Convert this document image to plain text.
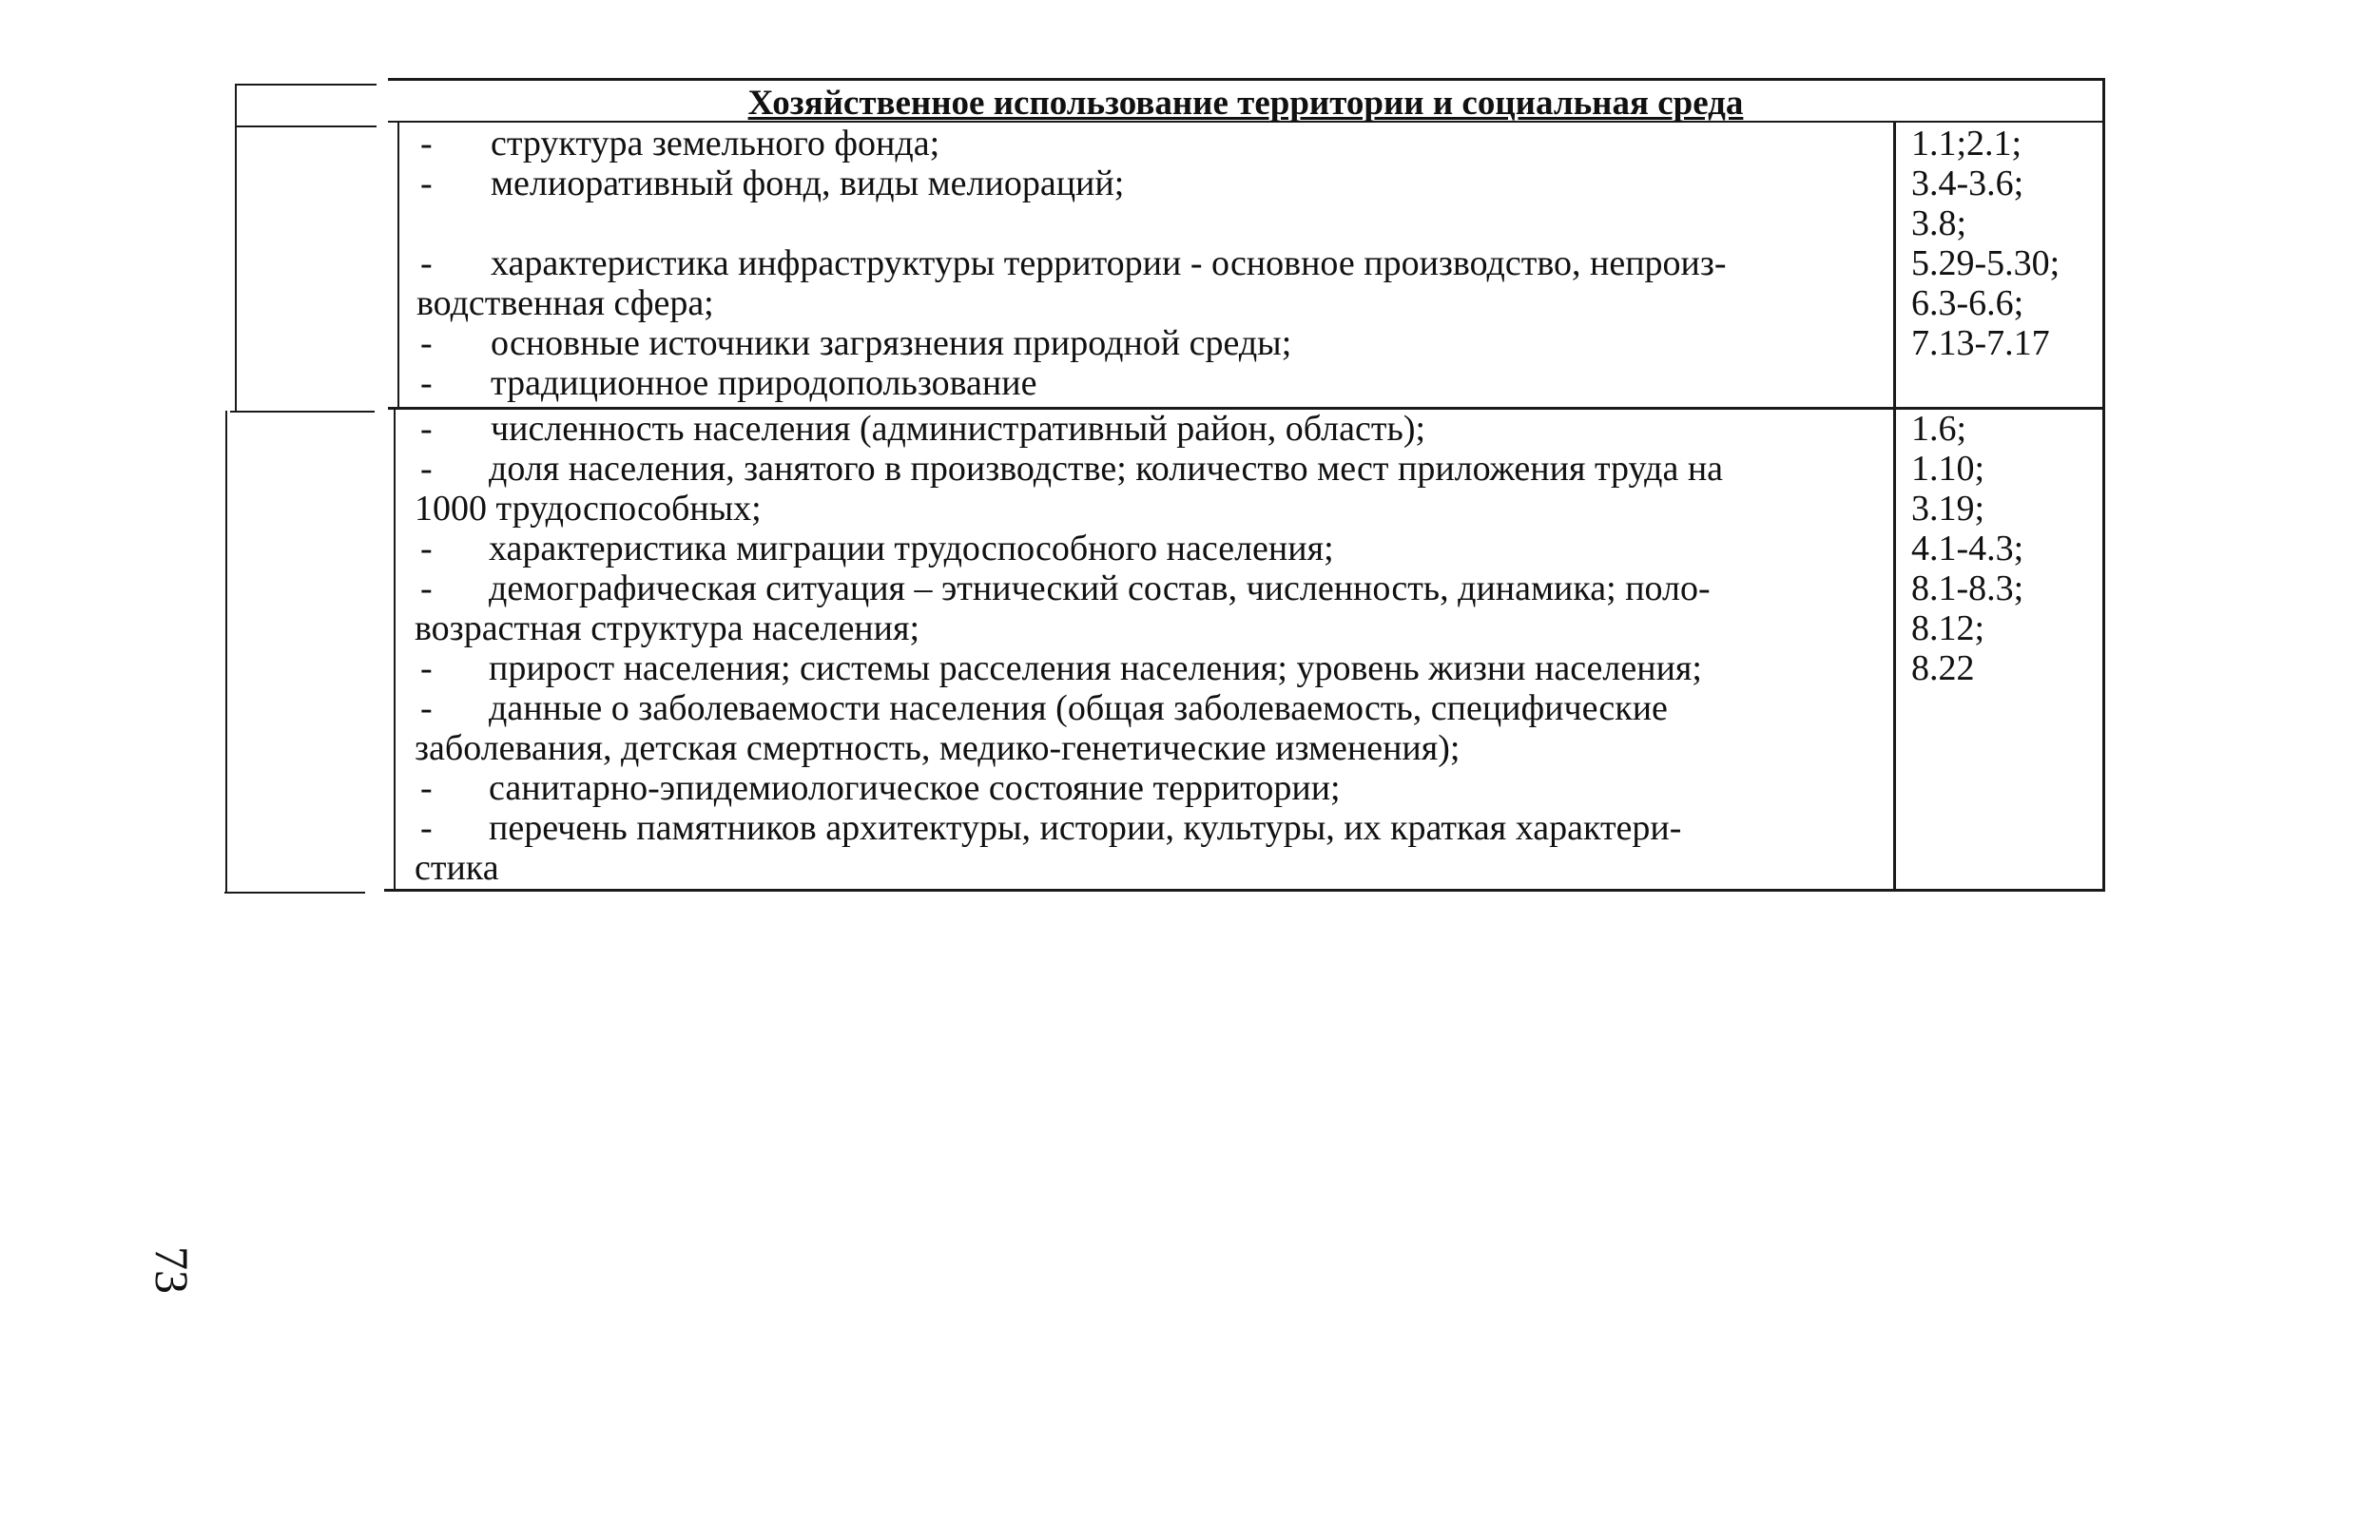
Хозяйственное использование территории и социальная среда
- структура земельного фонда;
- мелиоративный фонд, виды мелиораций;
- характеристика инфраструктуры территории - основное производство, непроиз-
водственная сфера;
- основные источники загрязнения природной среды;
- традиционное природопользование
1.1;2.1;
3.4-3.6;
3.8;
5.29-5.30;
6.3-6.6;
7.13-7.17
- численность населения (административный район, область);
- доля населения, занятого в производстве; количество мест приложения труда на
1000 трудоспособных;
- характеристика миграции трудоспособного населения;
- демографическая ситуация – этнический состав, численность, динамика; поло-
возрастная структура населения;
- прирост населения; системы расселения населения; уровень жизни населения;
- данные о заболеваемости населения (общая заболеваемость, специфические
заболевания, детская смертность, медико-генетические изменения);
- санитарно-эпидемиологическое состояние территории;
- перечень памятников архитектуры, истории, культуры, их краткая характери-
стика
1.6;
1.10;
3.19;
4.1-4.3;
8.1-8.3;
8.12;
8.22
73
